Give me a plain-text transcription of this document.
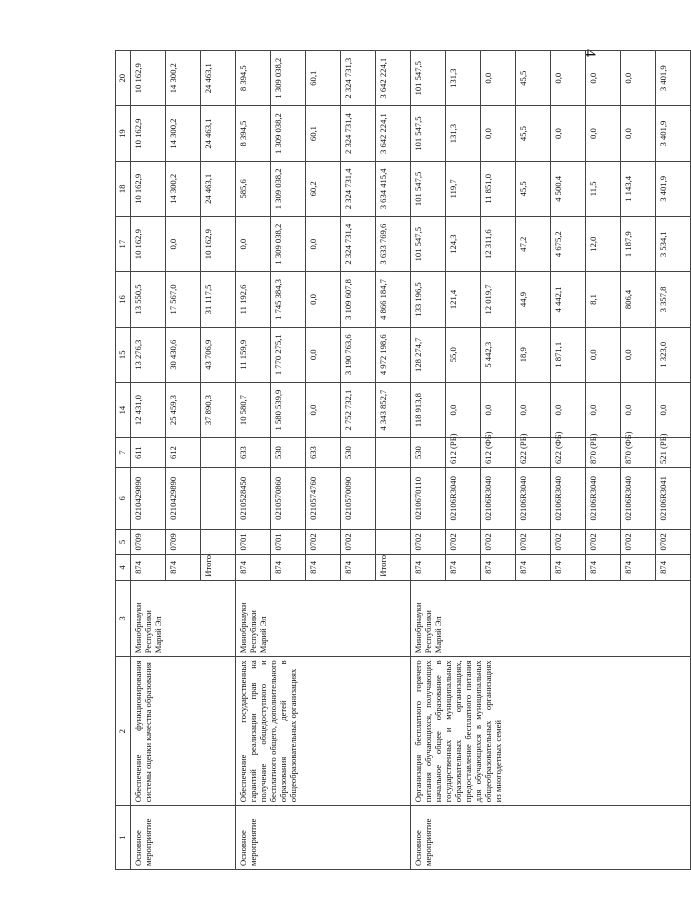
4
1	2	3	4	5	6	7	14	15	16	17	18	19	20
Основное мероприятие	Обеспечение функционирования системы оценки качества образования	Минобрнауки Республики Марий Эл	874	0709	0210429890	611	12 431,0	13 276,3	13 550,5	10 162,9	10 162,9	10 162,9	10 162,9
			874	0709	0210429890	612	25 459,3	30 430,6	17 567,0	0,0	14 300,2	14 300,2	14 300,2
			Итого				37 890,3	43 706,9	31 117,5	10 162,9	24 463,1	24 463,1	24 463,1
Основное мероприятие	Обеспечение государственных гарантий реализации прав на получение общедоступного и бесплатного общего, дополнительного образования детей в общеобразовательных организациях	Минобрнауки Республики Марий Эл	874	0701	0210528450	633	10 580,7	11 159,9	11 192,6	0,0	585,6	8 394,5	8 394,5
			874	0701	0210570860	530	1 580 539,9	1 770 275,1	1 745 384,3	1 309 038,2	1 309 038,2	1 309 038,2	1 309 038,2
			874	0702	0210574760	633	0,0	0,0	0,0	0,0	60,2	60,1	60,1
			874	0702	0210570090	530	2 752 732,1	3 190 763,6	3 109 607,8	2 324 731,4	2 324 731,4	2 324 731,4	2 324 731,3
			Итого				4 343 852,7	4 972 198,6	4 866 184,7	3 633 769,6	3 634 415,4	3 642 224,1	3 642 224,1
Основное мероприятие	Организация бесплатного горячего питания обучающихся, получающих начальное общее образование в государственных и муниципальных образовательных организациях, предоставление бесплатного питания для обучающихся в муниципальных общеобразовательных организациях из многодетных семей	Минобрнауки Республики Марий Эл	874	0702	0210670110	530	118 913,8	128 274,7	133 196,5	101 547,5	101 547,5	101 547,5	101 547,5
			874	0702	02106R3040	612 (РБ)	0,0	55,0	121,4	124,3	119,7	131,3	131,3
			874	0702	02106R3040	612 (ФБ)	0,0	5 442,3	12 019,7	12 311,6	11 851,0	0,0	0,0
			874	0702	02106R3040	622 (РБ)	0,0	18,9	44,9	47,2	45,5	45,5	45,5
			874	0702	02106R3040	622 (ФБ)	0,0	1 871,1	4 442,1	4 675,2	4 500,4	0,0	0,0
			874	0702	02106R3040	870 (РБ)	0,0	0,0	8,1	12,0	11,5	0,0	0,0
			874	0702	02106R3040	870 (ФБ)	0,0	0,0	806,4	1 187,9	1 143,4	0,0	0,0
			874	0702	02106R3041	521 (РБ)	0,0	1 323,0	3 357,8	3 534,1	3 401,9	3 401,9	3 401,9
